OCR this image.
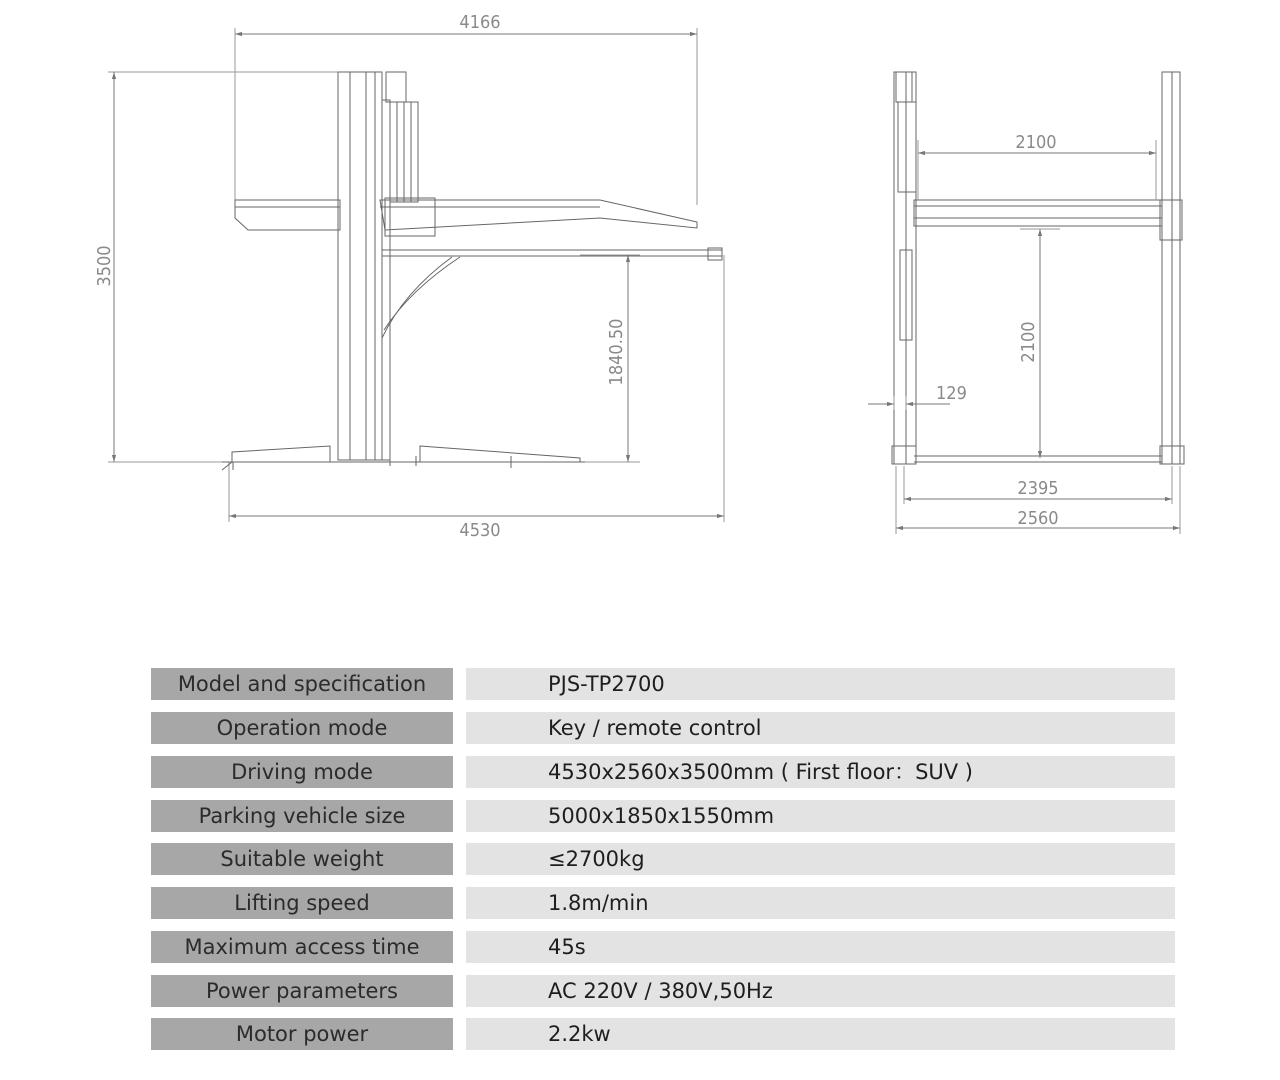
4166
3500
1840.50
4530
2100
2100
129
2395
2560
Model and specification	PJS-TP2700
Operation mode	Key / remote control
Driving mode	4530x2560x3500mm ( First floor：SUV )
Parking vehicle size	5000x1850x1550mm
Suitable weight	≤2700kg
Lifting speed	1.8m/min
Maximum access time	45s
Power parameters	AC 220V / 380V,50Hz
Motor power	2.2kw
